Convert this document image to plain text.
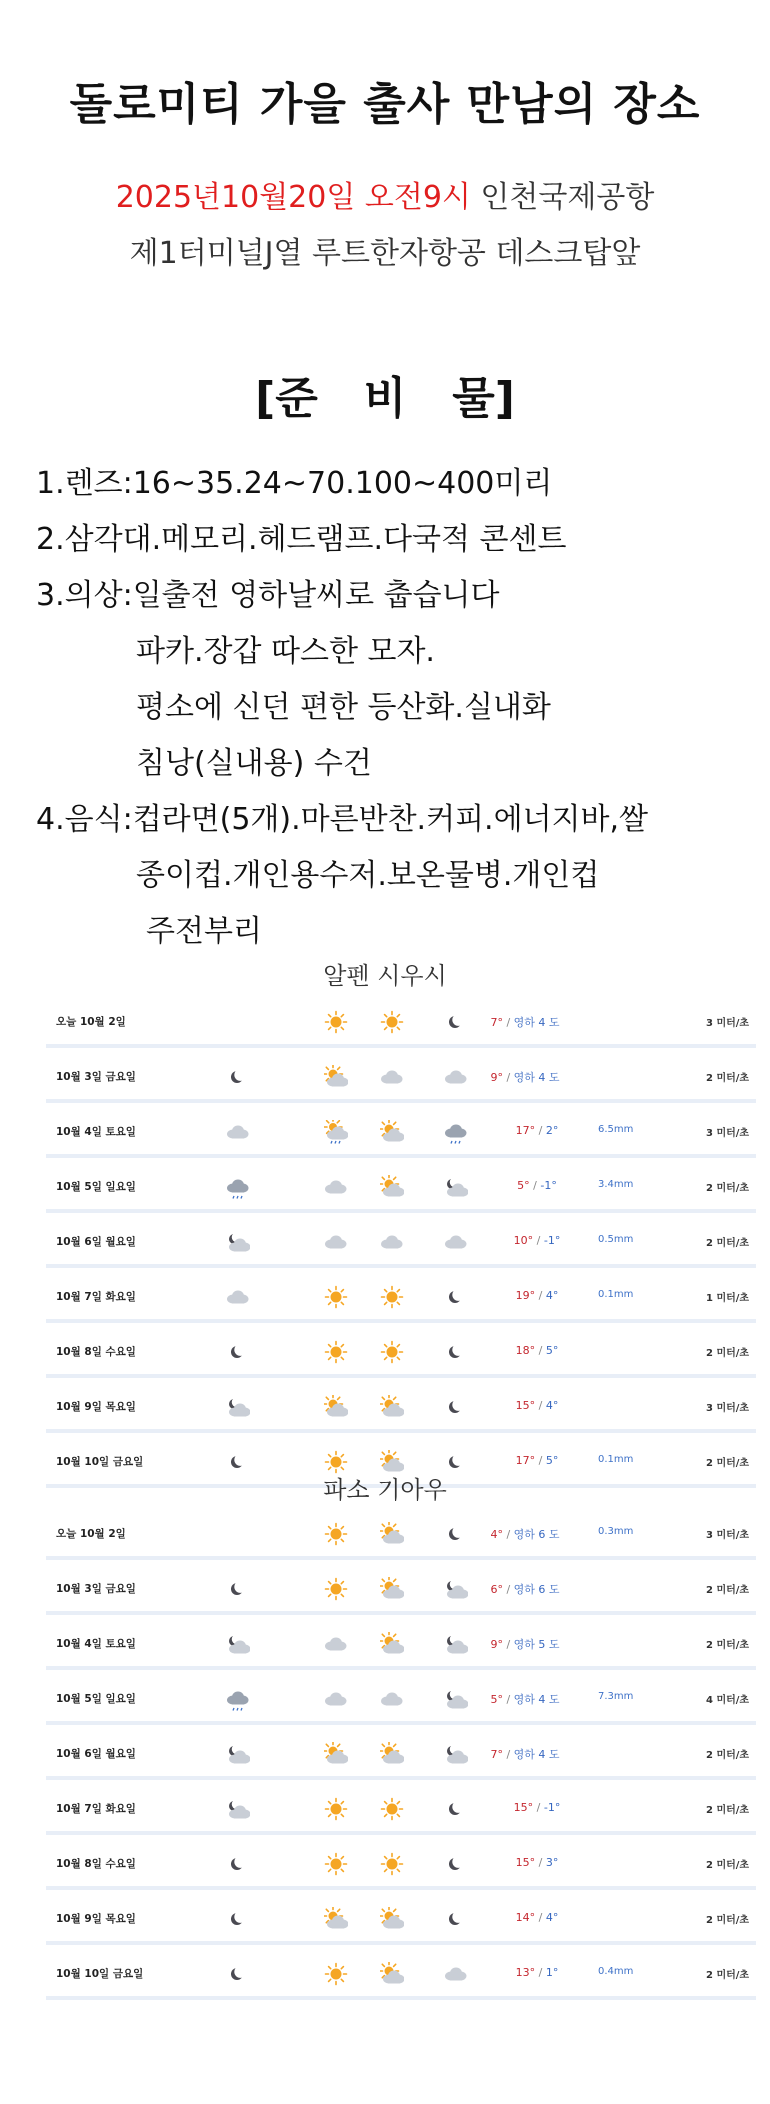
돌로미티 가을 출사 만남의 장소
2025년10월20일 오전9시 인천국제공항
제1터미널J열 루트한자항공 데스크탑앞
[준   비   물]
1.렌즈:16~35.24~70.100~400미리
2.삼각대.메모리.헤드램프.다국적 콘센트
3.의상:일출전 영하날씨로 춥습니다
파카.장갑 따스한 모자.
평소에 신던 편한 등산화.실내화
침낭(실내용) 수건
4.음식:컵라면(5개).마른반찬.커피.에너지바,쌀
종이컵.개인용수저.보온물병.개인컵
주전부리
알펜 시우시
오늘 10월 2일	7° / 영하 4 도	3 미터/초
10월 3일 금요일	9° / 영하 4 도	2 미터/초
10월 4일 토요일	17° / 2°	6.5mm	3 미터/초
10월 5일 일요일	5° / -1°	3.4mm	2 미터/초
10월 6일 월요일	10° / -1°	0.5mm	2 미터/초
10월 7일 화요일	19° / 4°	0.1mm	1 미터/초
10월 8일 수요일	18° / 5°	2 미터/초
10월 9일 목요일	15° / 4°	3 미터/초
10월 10일 금요일	17° / 5°	0.1mm	2 미터/초
파소 기아우
오늘 10월 2일	4° / 영하 6 도	0.3mm	3 미터/초
10월 3일 금요일	6° / 영하 6 도	2 미터/초
10월 4일 토요일	9° / 영하 5 도	2 미터/초
10월 5일 일요일	5° / 영하 4 도	7.3mm	4 미터/초
10월 6일 월요일	7° / 영하 4 도	2 미터/초
10월 7일 화요일	15° / -1°	2 미터/초
10월 8일 수요일	15° / 3°	2 미터/초
10월 9일 목요일	14° / 4°	2 미터/초
10월 10일 금요일	13° / 1°	0.4mm	2 미터/초
